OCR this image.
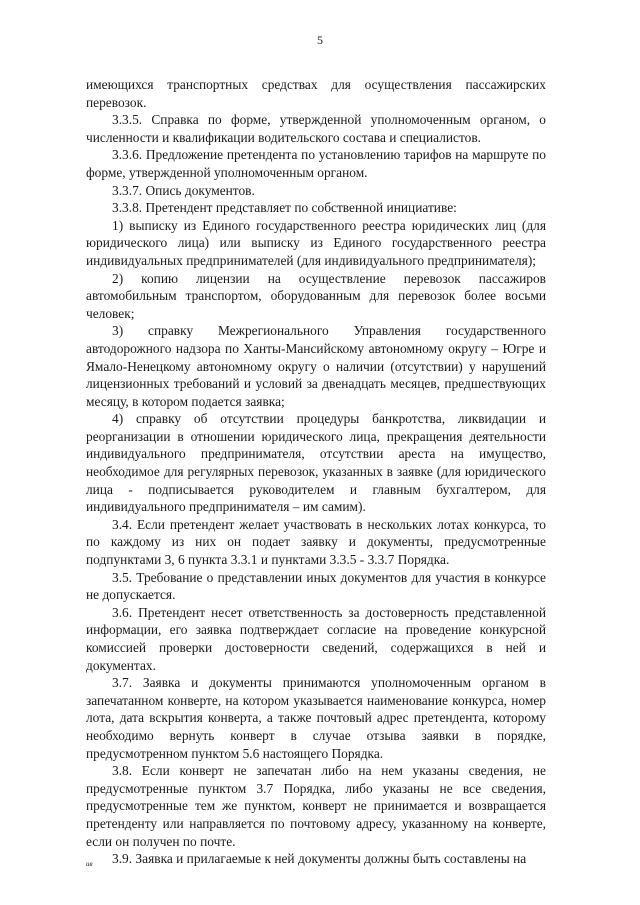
5

имеющихся транспортных средствах для осуществления пассажирских перевозок.

3.3.5. Справка по форме, утвержденной уполномоченным органом, о численности и квалификации водительского состава и специалистов.

3.3.6. Предложение претендента по установлению тарифов на маршруте по форме, утвержденной уполномоченным органом.

3.3.7. Опись документов.

3.3.8. Претендент представляет по собственной инициативе:

1) выписку из Единого государственного реестра юридических лиц (для юридического лица) или выписку из Единого государственного реестра индивидуальных предпринимателей (для индивидуального предпринимателя);

2) копию лицензии на осуществление перевозок пассажиров автомобильным транспортом, оборудованным для перевозок более восьми человек;

3) справку Межрегионального Управления государственного автодорожного надзора по Ханты-Мансийскому автономному округу – Югре и Ямало-Ненецкому автономному округу о наличии (отсутствии) у нарушений лицензионных требований и условий за двенадцать месяцев, предшествующих месяцу, в котором подается заявка;

4) справку об отсутствии процедуры банкротства, ликвидации и реорганизации в отношении юридического лица, прекращения деятельности индивидуального предпринимателя, отсутствии ареста на имущество, необходимое для регулярных перевозок, указанных в заявке (для юридического лица - подписывается руководителем и главным бухгалтером, для индивидуального предпринимателя – им самим).

3.4. Если претендент желает участвовать в нескольких лотах конкурса, то по каждому из них он подает заявку и документы, предусмотренные подпунктами 3, 6 пункта 3.3.1 и пунктами 3.3.5 - 3.3.7 Порядка.

3.5. Требование о представлении иных документов для участия в конкурсе не допускается.

3.6. Претендент несет ответственность за достоверность представленной информации, его заявка подтверждает согласие на проведение конкурсной комиссией проверки достоверности сведений, содержащихся в ней и документах.

3.7. Заявка и документы принимаются уполномоченным органом в запечатанном конверте, на котором указывается наименование конкурса, номер лота, дата вскрытия конверта, а также почтовый адрес претендента, которому необходимо вернуть конверт в случае отзыва заявки в порядке, предусмотренном пунктом 5.6 настоящего Порядка.

3.8. Если конверт не запечатан либо на нем указаны сведения, не предусмотренные пунктом 3.7 Порядка, либо указаны не все сведения, предусмотренные тем же пунктом, конверт не принимается и возвращается претенденту или направляется по почтовому адресу, указанному на конверте, если он получен по почте.

3.9. Заявка и прилагаемые к ней документы должны быть составлены на

ив
